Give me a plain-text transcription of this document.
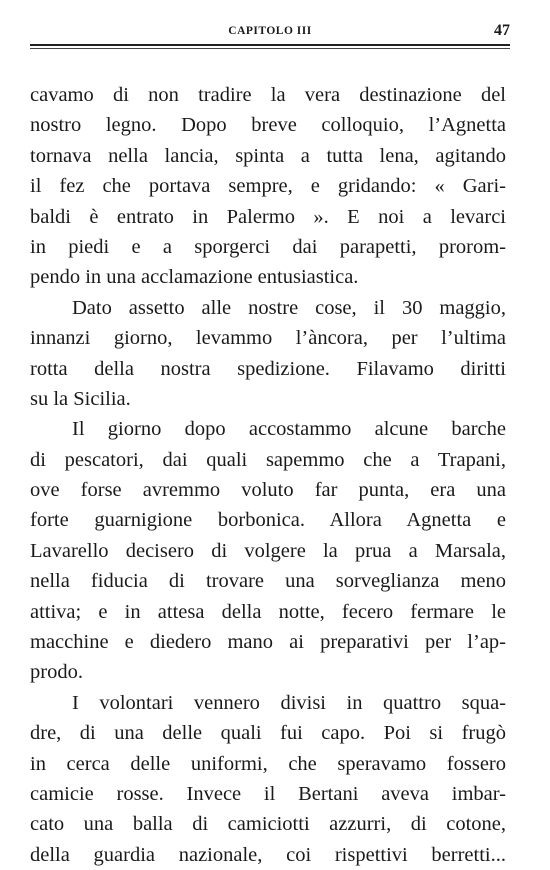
CAPITOLO III	47
cavamo di non tradire la vera destinazione del
nostro legno. Dopo breve colloquio, l’Agnetta
tornava nella lancia, spinta a tutta lena, agitando
il fez che portava sempre, e gridando: « Gari-
baldi è entrato in Palermo ». E noi a levarci
in piedi e a sporgerci dai parapetti, prorom-
pendo in una acclamazione entusiastica.
Dato assetto alle nostre cose, il 30 maggio,
innanzi giorno, levammo l’àncora, per l’ultima
rotta della nostra spedizione. Filavamo diritti
su la Sicilia.
Il giorno dopo accostammo alcune barche
di pescatori, dai quali sapemmo che a Trapani,
ove forse avremmo voluto far punta, era una
forte guarnigione borbonica. Allora Agnetta e
Lavarello decisero di volgere la prua a Marsala,
nella fiducia di trovare una sorveglianza meno
attiva; e in attesa della notte, fecero fermare le
macchine e diedero mano ai preparativi per l’ap-
prodo.
I volontari vennero divisi in quattro squa-
dre, di una delle quali fui capo. Poi si frugò
in cerca delle uniformi, che speravamo fossero
camicie rosse. Invece il Bertani aveva imbar-
cato una balla di camiciotti azzurri, di cotone,
della guardia nazionale, coi rispettivi berretti...
